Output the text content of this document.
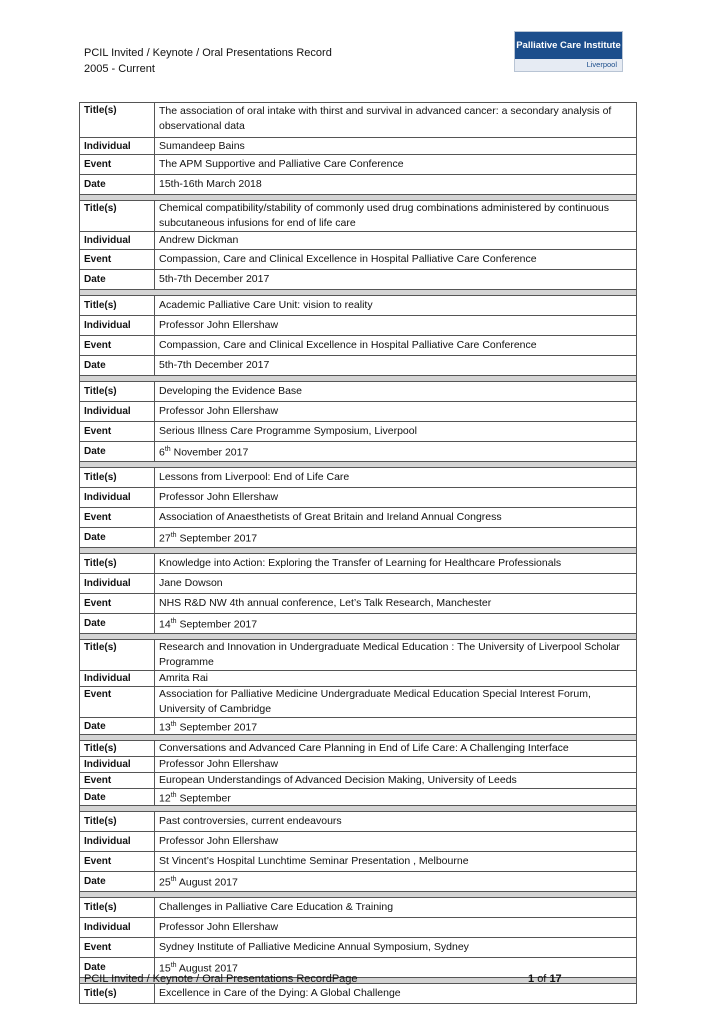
PCIL Invited / Keynote / Oral Presentations Record
2005 - Current
Palliative Care Institute
Liverpool
Title(s)	The association of oral intake with thirst and survival in advanced cancer: a secondary analysis of observational data
Individual	Sumandeep Bains
Event	The APM Supportive and Palliative Care Conference
Date	15th-16th March 2018
Title(s)	Chemical compatibility/stability of commonly used drug combinations administered by continuous subcutaneous infusions for end of life care
Individual	Andrew Dickman
Event	Compassion, Care and Clinical Excellence in Hospital Palliative Care Conference
Date	5th-7th December 2017
Title(s)	Academic Palliative Care Unit: vision to reality
Individual	Professor John Ellershaw
Event	Compassion, Care and Clinical Excellence in Hospital Palliative Care Conference
Date	5th-7th December 2017
Title(s)	Developing the Evidence Base
Individual	Professor John Ellershaw
Event	Serious Illness Care Programme Symposium, Liverpool
Date	6th November 2017
Title(s)	Lessons from Liverpool: End of Life Care
Individual	Professor John Ellershaw
Event	Association of Anaesthetists of Great Britain and Ireland Annual Congress
Date	27th September 2017
Title(s)	Knowledge into Action: Exploring the Transfer of Learning for Healthcare Professionals
Individual	Jane Dowson
Event	NHS R&D NW 4th annual conference, Let’s Talk Research, Manchester
Date	14th September 2017
Title(s)	Research and Innovation in Undergraduate Medical Education : The University of Liverpool Scholar Programme
Individual	Amrita Rai
Event	Association for Palliative Medicine Undergraduate Medical Education Special Interest Forum, University of Cambridge
Date	13th September 2017
Title(s)	Conversations and Advanced Care Planning in End of Life Care: A Challenging Interface
Individual	Professor John Ellershaw
Event	European Understandings of Advanced Decision Making, University of Leeds
Date	12th September
Title(s)	Past controversies, current endeavours
Individual	Professor John Ellershaw
Event	St Vincent’s Hospital Lunchtime Seminar Presentation , Melbourne
Date	25th August 2017
Title(s)	Challenges in Palliative Care Education & Training
Individual	Professor John Ellershaw
Event	Sydney Institute of Palliative Medicine Annual Symposium, Sydney
Date	15th August 2017
Title(s)	Excellence in Care of the Dying: A Global Challenge
PCIL Invited / Keynote / Oral Presentations RecordPage	1 of 17
